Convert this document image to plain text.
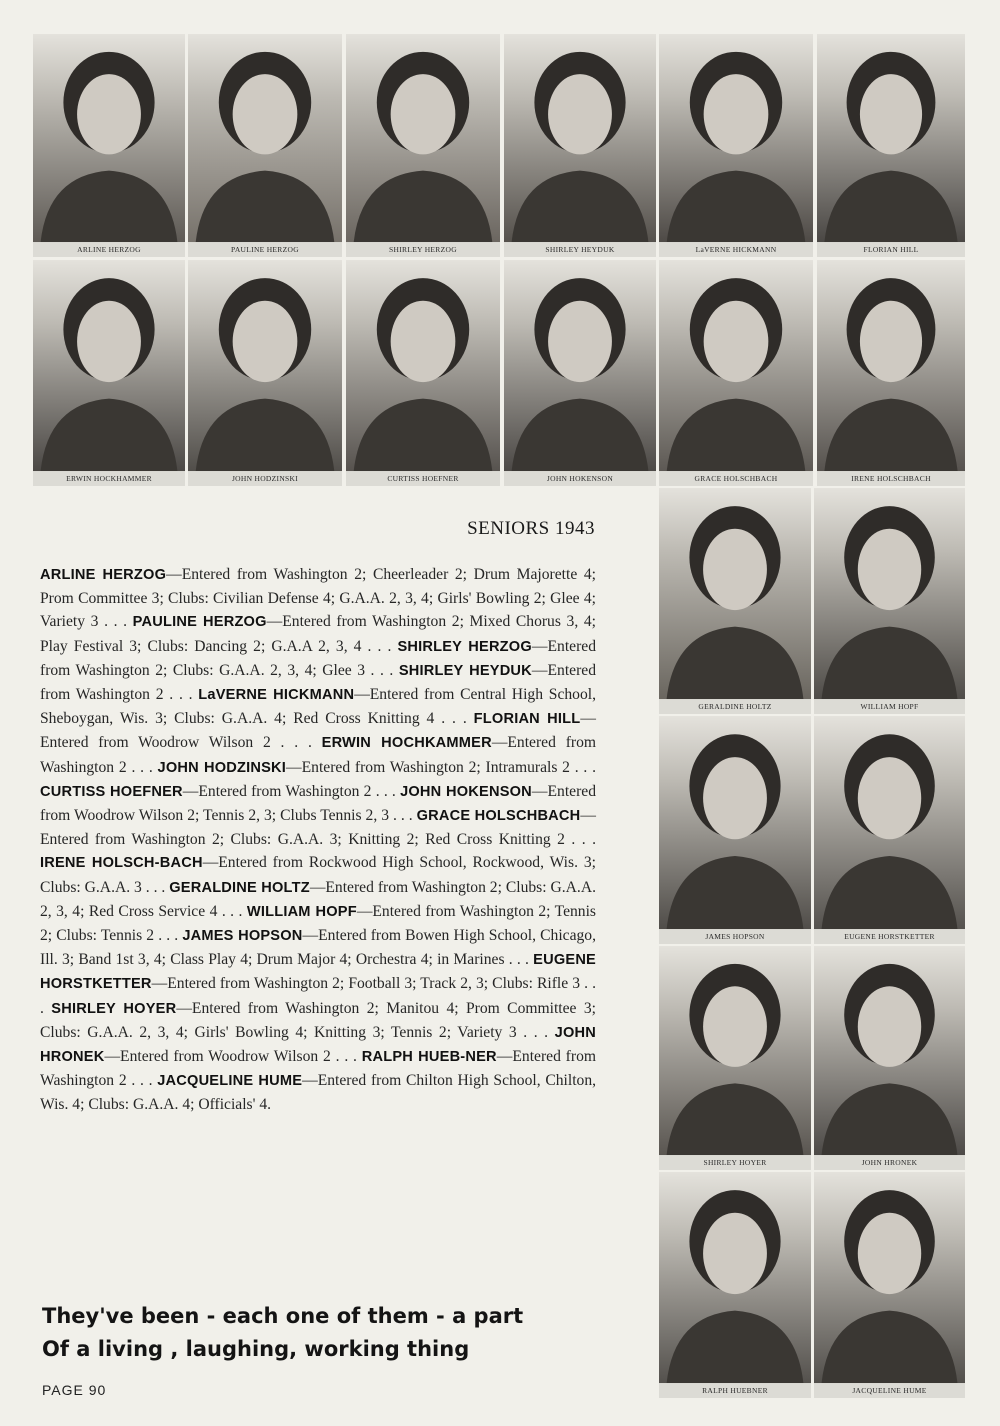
ARLINE HERZOG	PAULINE HERZOG	SHIRLEY HERZOG	SHIRLEY HEYDUK	LaVERNE HICKMANN	FLORIAN HILL
ERWIN HOCKHAMMER	JOHN HODZINSKI	CURTISS HOEFNER	JOHN HOKENSON	GRACE HOLSCHBACH	IRENE HOLSCHBACH
GERALDINE HOLTZ	WILLIAM HOPF
JAMES HOPSON	EUGENE HORSTKETTER
SHIRLEY HOYER	JOHN HRONEK
RALPH HUEBNER	JACQUELINE HUME
SENIORS 1943

ARLINE HERZOG—Entered from Washington 2; Cheerleader 2; Drum Majorette 4; Prom Committee 3; Clubs: Civilian Defense 4; G.A.A. 2, 3, 4; Girls' Bowling 2; Glee 4; Variety 3 . . . PAULINE HERZOG—Entered from Washington 2; Mixed Chorus 3, 4; Play Festival 3; Clubs: Dancing 2; G.A.A 2, 3, 4 . . . SHIRLEY HERZOG—Entered from Washington 2; Clubs: G.A.A. 2, 3, 4; Glee 3 . . . SHIRLEY HEYDUK—Entered from Washington 2 . . . LaVERNE HICKMANN—Entered from Central High School, Sheboygan, Wis. 3; Clubs: G.A.A. 4; Red Cross Knitting 4 . . . FLORIAN HILL—Entered from Woodrow Wilson 2 . . . ERWIN HOCHKAMMER—Entered from Washington 2 . . . JOHN HODZINSKI—Entered from Washington 2; Intramurals 2 . . . CURTISS HOEFNER—Entered from Washington 2 . . . JOHN HOKENSON—Entered from Woodrow Wilson 2; Tennis 2, 3; Clubs Tennis 2, 3 . . . GRACE HOLSCHBACH—Entered from Washington 2; Clubs: G.A.A. 3; Knitting 2; Red Cross Knitting 2 . . . IRENE HOLSCH-BACH—Entered from Rockwood High School, Rockwood, Wis. 3; Clubs: G.A.A. 3 . . . GERALDINE HOLTZ—Entered from Washington 2; Clubs: G.A.A. 2, 3, 4; Red Cross Service 4 . . . WILLIAM HOPF—Entered from Washington 2; Tennis 2; Clubs: Tennis 2 . . . JAMES HOPSON—Entered from Bowen High School, Chicago, Ill. 3; Band 1st 3, 4; Class Play 4; Drum Major 4; Orchestra 4; in Marines . . . EUGENE HORSTKETTER—Entered from Washington 2; Football 3; Track 2, 3; Clubs: Rifle 3 . . . SHIRLEY HOYER—Entered from Washington 2; Manitou 4; Prom Committee 3; Clubs: G.A.A. 2, 3, 4; Girls' Bowling 4; Knitting 3; Tennis 2; Variety 3 . . . JOHN HRONEK—Entered from Woodrow Wilson 2 . . . RALPH HUEB-NER—Entered from Washington 2 . . . JACQUELINE HUME—Entered from Chilton High School, Chilton, Wis. 4; Clubs: G.A.A. 4; Officials' 4.

They've been - each one of them - a part
Of a living , laughing, working thing
PAGE 90
